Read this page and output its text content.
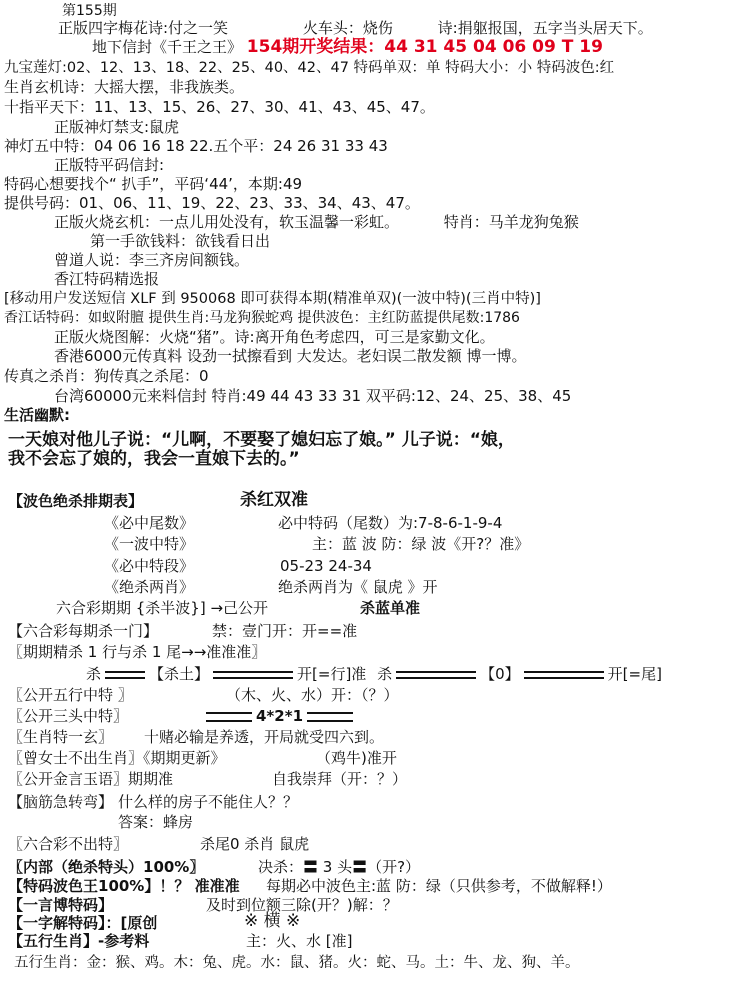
第155期
正版四字梅花诗:付之一笑	火车头：烧伤	诗:捐躯报国，五字当头居天下。
地下信封《千王之王》 154期开奖结果：44 31 45 04 06 09 T 19
九宝莲灯:02、12、13、18、22、25、40、42、47 特码单双：单 特码大小：小 特码波色:红
生肖玄机诗：大摇大摆，非我族类。
十指平天下：11、13、15、26、27、30、41、43、45、47。
正版神灯禁支:鼠虎
神灯五中特：04 06 16 18 22.五个平：24 26 31 33 43
正版特平码信封:
特码心想要找个“ 扒手”，平码‘44’，本期:49
提供号码：01、06、11、19、22、23、33、34、43、47。
正版火烧玄机：一点儿用处没有，软玉温馨一彩虹。	特肖：马羊龙狗兔猴
第一手欲钱料：欲钱看日出
曾道人说：李三齐房间额钱。
香江特码精选报
[移动用户发送短信 XLF 到 950068 即可获得本期(精准单双)(一波中特)(三肖中特)]
香江话特码：如蚁附膻 提供生肖:马龙狗猴蛇鸡 提供波色：主红防蓝提供尾数:1786
正版火烧图解：火烧“猪”。诗:离开角色考虑四，可三是家勤文化。
香港6000元传真料 设劲一拭擦看到 大发达。老妇误二散发额 博一博。
传真之杀肖：狗传真之杀尾：0
台湾60000元来料信封 特肖:49 44 43 33 31 双平码:12、24、25、38、45
生活幽默:
一天娘对他儿子说：“儿啊，不要娶了媳妇忘了娘。” 儿子说：“娘，
我不会忘了娘的，我会一直娘下去的。”
【波色绝杀排期表】	杀红双准
《必中尾数》	必中特码（尾数）为:7-8-6-1-9-4
《一波中特》	主：蓝 波 防：绿 波《开?？准》
《必中特段》	05-23 24-34
《绝杀两肖》	绝杀两肖为《 鼠虎 》开
六合彩期期 {杀半波}] →己公开	杀蓝单准
【六合彩每期杀一门】	禁：壹门开：开==准
〖期期精杀 1 行与杀 1 尾→→准准准〗
杀	【杀土】	开[=行]准 杀	【0】	开[=尾]
〖公开五行中特 〗	（木、火、水）开：（？）
〖公开三头中特〗	4*2*1
〖生肖特一玄〗 十赌必输是养透，开局就受四六到。
〖曾女士不出生肖〗《期期更新》	（鸡牛)准开
〖公开金言玉语〗期期准	自我崇拜（开：？）
【脑筋急转弯】 什么样的房子不能住人？？
答案：蜂房
〖六合彩不出特〗	杀尾0 杀肖 鼠虎
〖内部（绝杀特头）100%〗	决杀：〓 3 头〓（开?）
【特码波色王100%】！？ 准准准 每期必中波色主:蓝 防：绿（只供参考，不做解释!）
【一言博特码】	及时到位额三除(开？)解：？
【一字解特码】：[原创	※ 横 ※
【五行生肖】-参考料	主：火、水 [准]
五行生肖：金：猴、鸡。木：兔、虎。水：鼠、猪。火：蛇、马。土：牛、龙、狗、羊。
